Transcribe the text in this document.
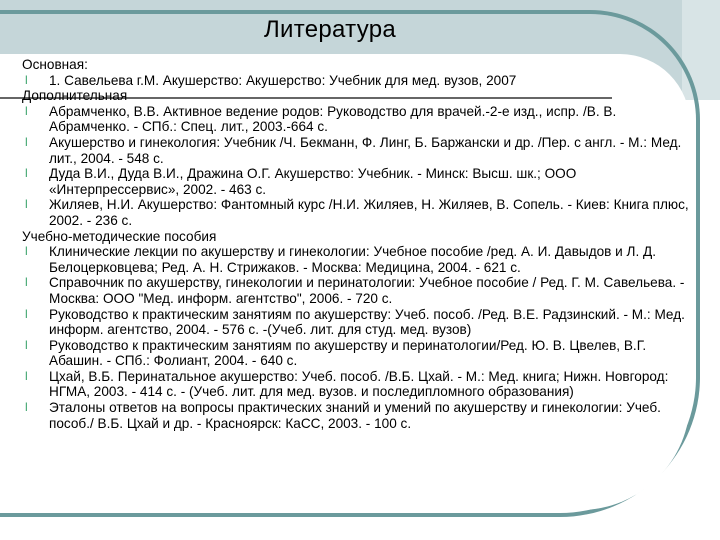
Литература
Основная:
l 1. Савельева г.М. Акушерство: Акушерство: Учебник для мед. вузов, 2007
Дополнительная
l Абрамченко, В.В. Активное ведение родов: Руководство для врачей.-2-е изд., испр. /В. В. Абрамченко. - СПб.: Спец. лит., 2003.-664 с.
l Акушерство и гинекология: Учебник /Ч. Бекманн, Ф. Линг, Б. Баржански и др. /Пер. с англ. - М.: Мед. лит., 2004. - 548 с.
l Дуда В.И., Дуда В.И., Дражина О.Г. Акушерство: Учебник. - Минск: Высш. шк.; ООО «Интерпрессервис», 2002. - 463 с.
l Жиляев, Н.И. Акушерство: Фантомный курс /Н.И. Жиляев, Н. Жиляев, В. Сопель. - Киев: Книга плюс, 2002. - 236 с.
Учебно-методические пособия
l Клинические лекции по акушерству и гинекологии: Учебное пособие /ред. А. И. Давыдов и Л. Д. Белоцерковцева; Ред. А. Н. Стрижаков. - Москва: Медицина, 2004. - 621 с.
l Справочник по акушерству, гинекологии и перинатологии: Учебное пособие / Ред. Г. М. Савельева. - Москва: ООО "Мед. информ. агентство", 2006. - 720 с.
l Руководство к практическим занятиям по акушерству: Учеб. пособ. /Ред. В.Е. Радзинский. - М.: Мед. информ. агентство, 2004. - 576 с. -(Учеб. лит. для студ. мед. вузов)
l Руководство к практическим занятиям по акушерству и перинатологии/Ред. Ю. В. Цвелев, В.Г. Абашин. - СПб.: Фолиант, 2004. - 640 с.
l Цхай, В.Б. Перинатальное акушерство: Учеб. пособ. /В.Б. Цхай. - М.: Мед. книга; Нижн. Новгород: НГМА, 2003. - 414 с. - (Учеб. лит. для мед. вузов. и последипломного образования)
l Эталоны ответов на вопросы практических знаний и умений по акушерству и гинекологии: Учеб. пособ./ В.Б. Цхай и др. - Красноярск: КаСС, 2003. - 100 с.
